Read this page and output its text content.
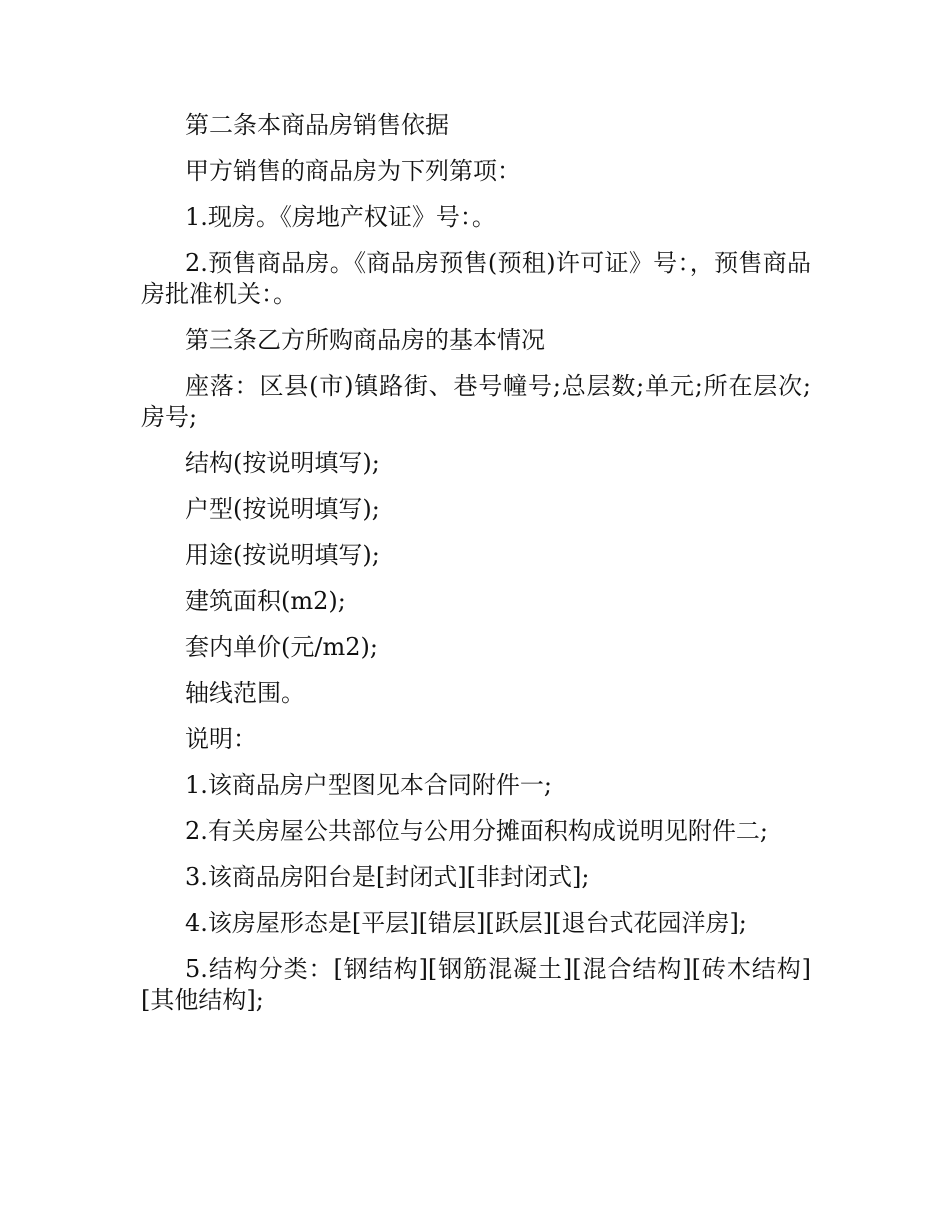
第二条本商品房销售依据

甲方销售的商品房为下列第项：

1.现房。《房地产权证》号：。

2.预售商品房。《商品房预售(预租)许可证》号：，预售商品房批准机关：。

第三条乙方所购商品房的基本情况

座落：区县(市)镇路街、巷号幢号;总层数;单元;所在层次;房号;

结构(按说明填写);

户型(按说明填写);

用途(按说明填写);

建筑面积(m2);

套内单价(元/m2);

轴线范围。

说明：

1.该商品房户型图见本合同附件一;

2.有关房屋公共部位与公用分摊面积构成说明见附件二;

3.该商品房阳台是[封闭式][非封闭式];

4.该房屋形态是[平层][错层][跃层][退台式花园洋房];

5.结构分类：[钢结构][钢筋混凝土][混合结构][砖木结构][其他结构];
